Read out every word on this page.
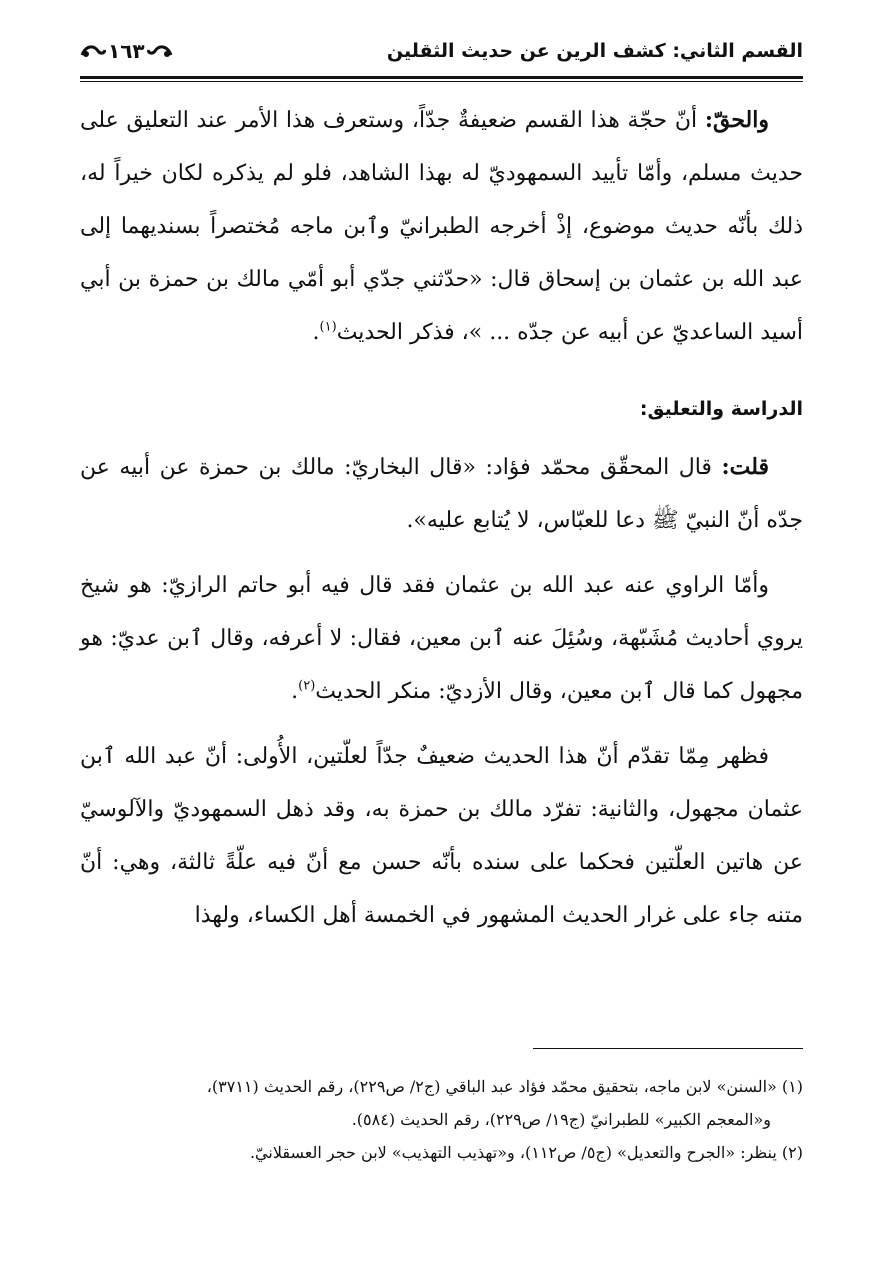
القسم الثاني: كشف الرين عن حديث الثقلين
١٦٣

والحقّ: أنّ حجّة هذا القسم ضعيفةٌ جدّاً، وستعرف هذا الأمر عند التعليق على حديث مسلم، وأمّا تأييد السمهوديّ له بهذا الشاهد، فلو لم يذكره لكان خيراً له، ذلك بأنّه حديث موضوع، إذْ أخرجه الطبرانيّ وٱبن ماجه مُختصراً بسنديهما إلى عبد الله بن عثمان بن إسحاق قال: «حدّثني جدّي أبو أمّي مالك بن حمزة بن أبي أسيد الساعديّ عن أبيه عن جدّه ... »، فذكر الحديث$^{(١)}$.

الدراسة والتعليق:

قلت: قال المحقّق محمّد فؤاد: «قال البخاريّ: مالك بن حمزة عن أبيه عن جدّه أنّ النبيّ ﷺ دعا للعبّاس، لا يُتابع عليه».

وأمّا الراوي عنه عبد الله بن عثمان فقد قال فيه أبو حاتم الرازيّ: هو شيخ يروي أحاديث مُشَبّهة، وسُئِلَ عنه ٱبن معين، فقال: لا أعرفه، وقال ٱبن عديّ: هو مجهول كما قال ٱبن معين، وقال الأزديّ: منكر الحديث$^{(٢)}$.

فظهر مِمّا تقدّم أنّ هذا الحديث ضعيفٌ جدّاً لعلّتين، الأُولى: أنّ عبد الله ٱبن عثمان مجهول، والثانية: تفرّد مالك بن حمزة به، وقد ذهل السمهوديّ والآلوسيّ عن هاتين العلّتين فحكما على سنده بأنّه حسن مع أنّ فيه علّةً ثالثة، وهي: أنّ متنه جاء على غرار الحديث المشهور في الخمسة أهل الكساء، ولهذا

(١) «السنن» لابن ماجه، بتحقيق محمّد فؤاد عبد الباقي (ج٢/ ص٢٢٩)، رقم الحديث (٣٧١١)،

و«المعجم الكبير» للطبرانيّ (ج١٩/ ص٢٢٩)، رقم الحديث (٥٨٤).

(٢) ينظر: «الجرح والتعديل» (ج٥/ ص١١٢)، و«تهذيب التهذيب» لابن حجر العسقلانيّ.
